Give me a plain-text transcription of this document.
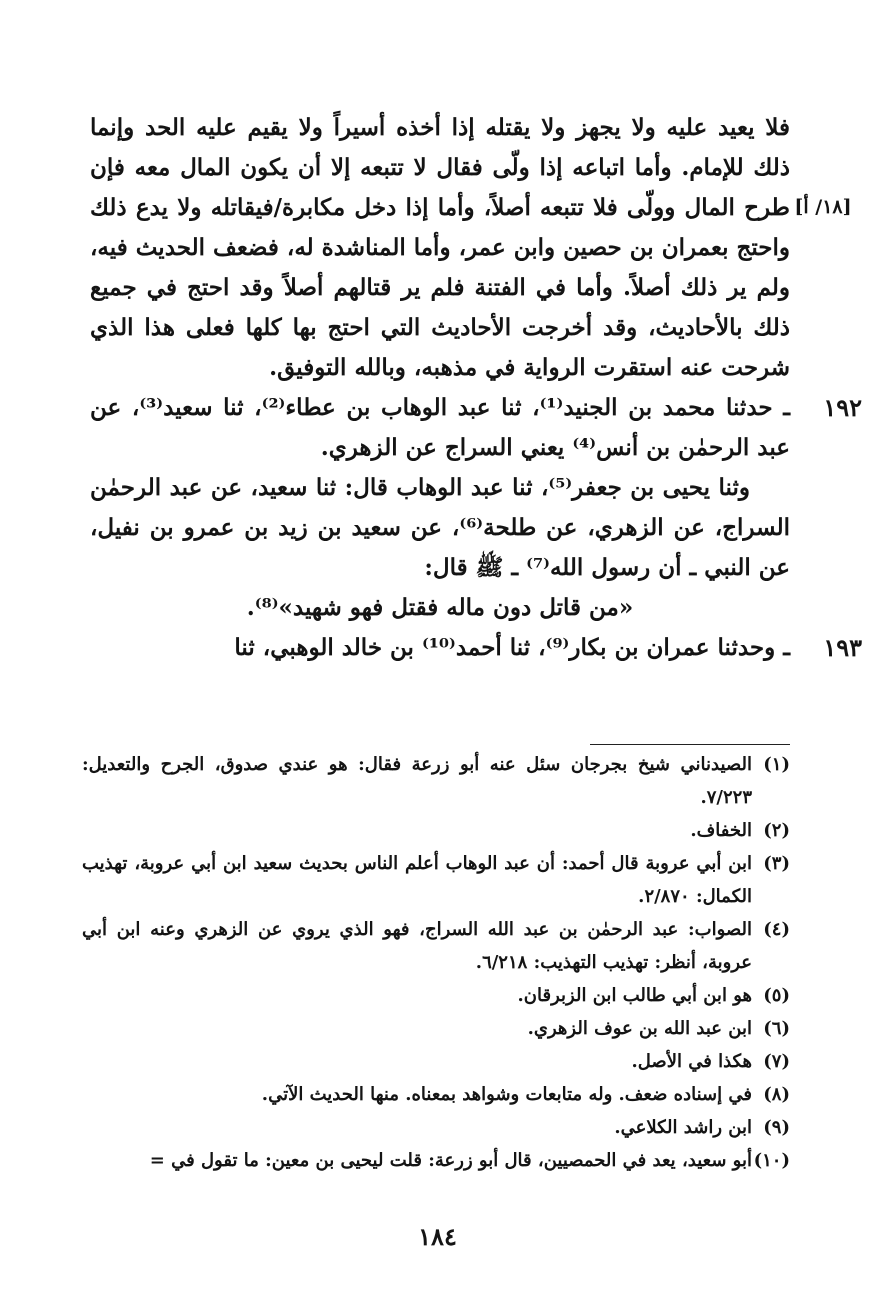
[١٨/ أ]

فلا يعيد عليه ولا يجهز ولا يقتله إذا أخذه أسيراً ولا يقيم عليه الحد وإنما ذلك للإمام. وأما اتباعه إذا ولّى فقال لا تتبعه إلا أن يكون المال معه فإن طرح المال وولّى فلا تتبعه أصلاً، وأما إذا دخل مكابرة/فيقاتله ولا يدع ذلك واحتج بعمران بن حصين وابن عمر، وأما المناشدة له، فضعف الحديث فيه، ولم ير ذلك أصلاً. وأما في الفتنة فلم ير قتالهم أصلاً وقد احتج في جميع ذلك بالأحاديث، وقد أخرجت الأحاديث التي احتج بها كلها فعلى هذا الذي شرحت عنه استقرت الرواية في مذهبه، وبالله التوفيق.

١٩٢
ـ حدثنا محمد بن الجنيد⁽¹⁾، ثنا عبد الوهاب بن عطاء⁽²⁾، ثنا سعيد⁽³⁾، عن عبد الرحمٰن بن أنس⁽⁴⁾ يعني السراج عن الزهري.

وثنا يحيى بن جعفر⁽⁵⁾، ثنا عبد الوهاب قال: ثنا سعيد، عن عبد الرحمٰن السراج، عن الزهري، عن طلحة⁽⁶⁾، عن سعيد بن زيد بن عمرو بن نفيل، عن النبي ـ أن رسول الله⁽⁷⁾ ـ ﷺ قال:

«من قاتل دون ماله فقتل فهو شهيد»⁽⁸⁾.

١٩٣
ـ وحدثنا عمران بن بكار⁽⁹⁾، ثنا أحمد⁽¹⁰⁾ بن خالد الوهبي، ثنا

(١)
الصيدناني شيخ بجرجان سئل عنه أبو زرعة فقال: هو عندي صدوق، الجرح والتعديل: ٧/٢٢٣.

(٢)
الخفاف.

(٣)
ابن أبي عروبة قال أحمد: أن عبد الوهاب أعلم الناس بحديث سعيد ابن أبي عروبة، تهذيب الكمال: ٢/٨٧٠.

(٤)
الصواب: عبد الرحمٰن بن عبد الله السراج، فهو الذي يروي عن الزهري وعنه ابن أبي عروبة، أنظر: تهذيب التهذيب: ٦/٢١٨.

(٥)
هو ابن أبي طالب ابن الزبرقان.

(٦)
ابن عبد الله بن عوف الزهري.

(٧)
هكذا في الأصل.

(٨)
في إسناده ضعف. وله متابعات وشواهد بمعناه. منها الحديث الآتي.

(٩)
ابن راشد الكلاعي.

(١٠)
أبو سعيد، يعد في الحمصيين، قال أبو زرعة: قلت ليحيى بن معين: ما تقول في =

١٨٤
